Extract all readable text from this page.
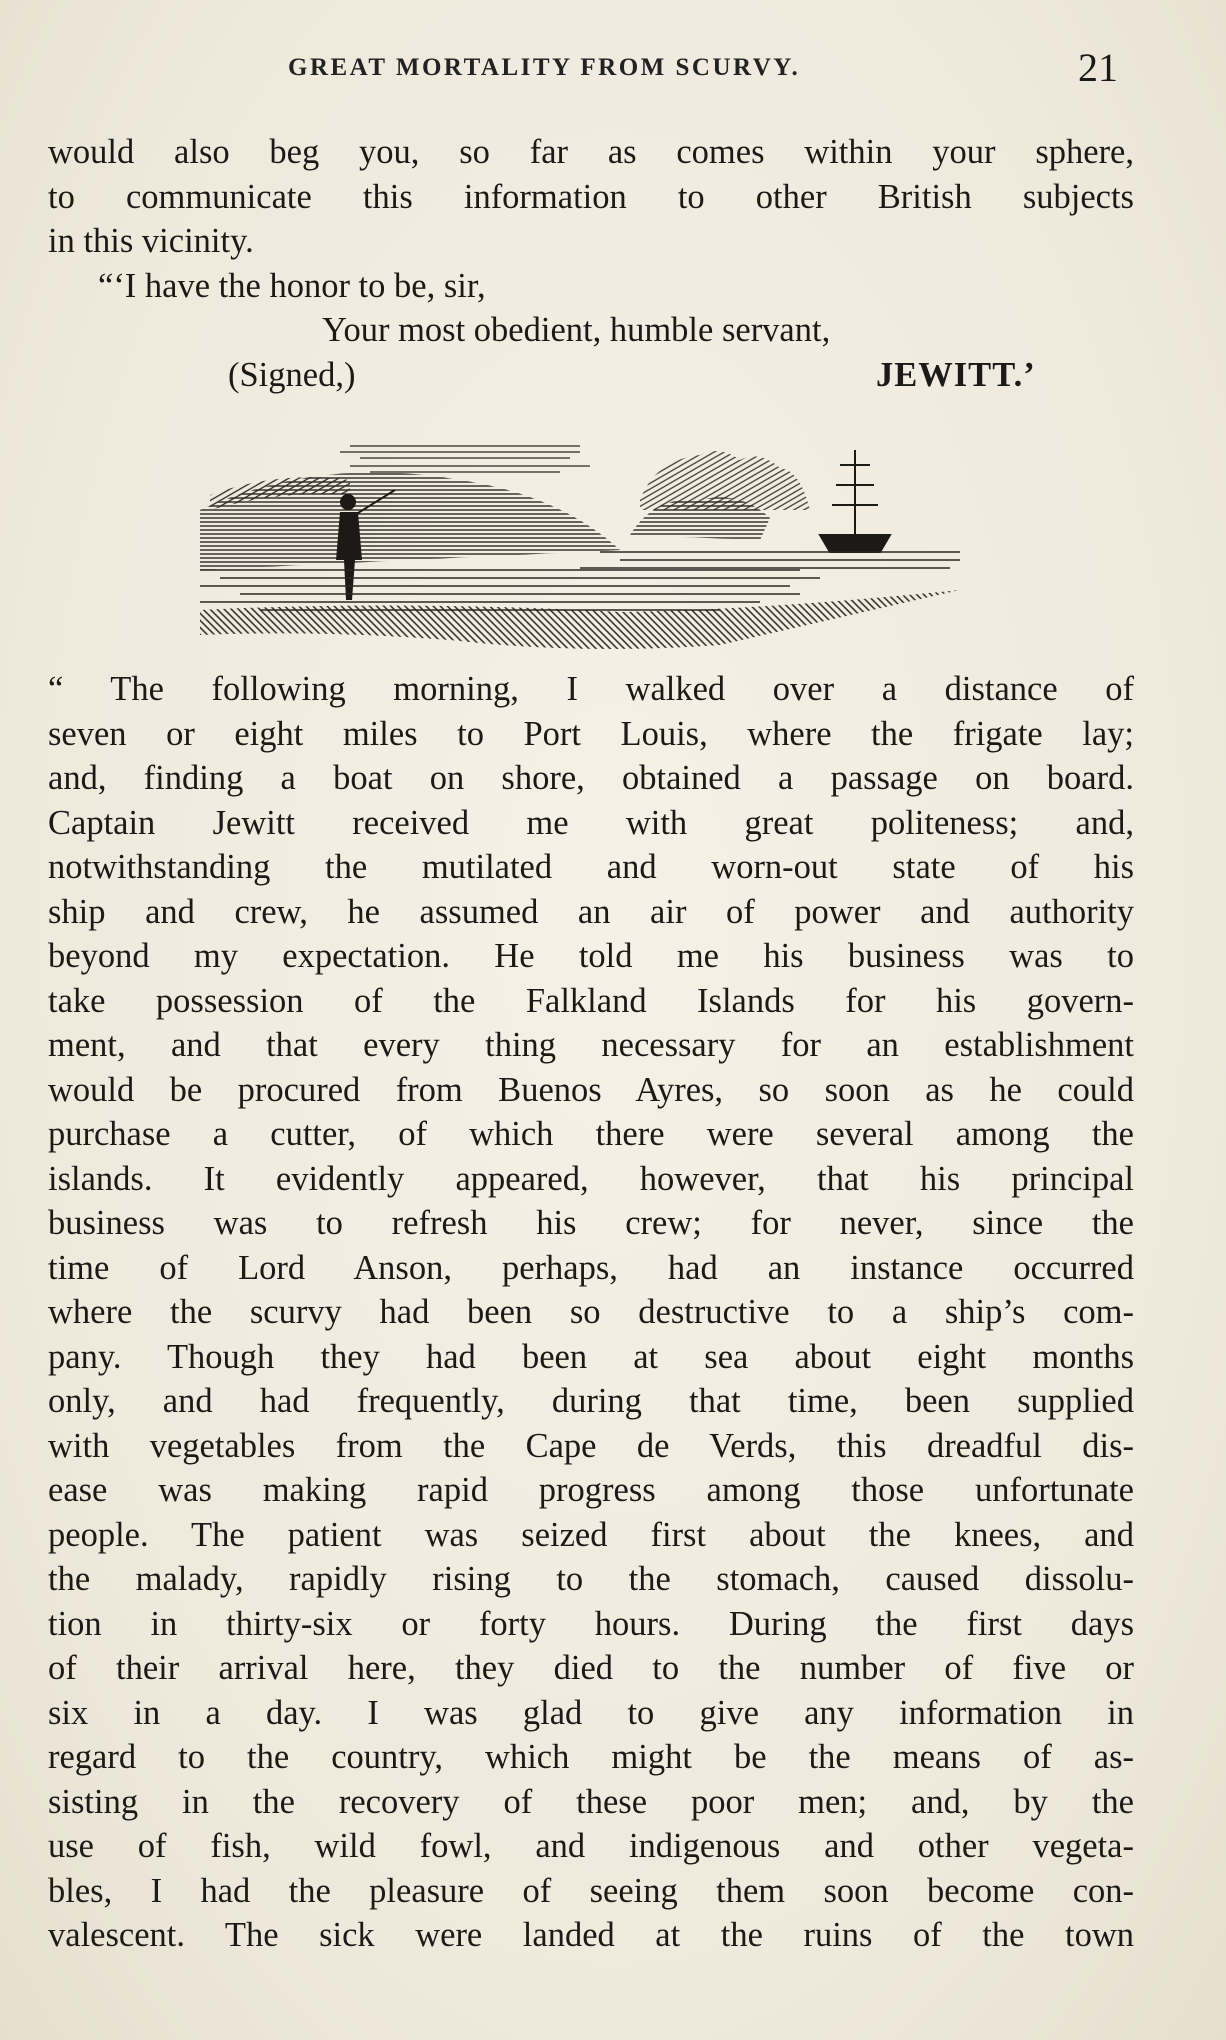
GREAT MORTALITY FROM SCURVY.	21
would also beg you, so far as comes within your sphere,
to communicate this information to other British subjects
in this vicinity.
“‘I have the honor to be, sir,
Your most obedient, humble servant,
(Signed,)	JEWITT.’
“ The following morning, I walked over a distance of
seven or eight miles to Port Louis, where the frigate lay;
and, finding a boat on shore, obtained a passage on board.
Captain Jewitt received me with great politeness; and,
notwithstanding the mutilated and worn-out state of his
ship and crew, he assumed an air of power and authority
beyond my expectation. He told me his business was to
take possession of the Falkland Islands for his govern-
ment, and that every thing necessary for an establishment
would be procured from Buenos Ayres, so soon as he could
purchase a cutter, of which there were several among the
islands. It evidently appeared, however, that his principal
business was to refresh his crew; for never, since the
time of Lord Anson, perhaps, had an instance occurred
where the scurvy had been so destructive to a ship’s com-
pany. Though they had been at sea about eight months
only, and had frequently, during that time, been supplied
with vegetables from the Cape de Verds, this dreadful dis-
ease was making rapid progress among those unfortunate
people. The patient was seized first about the knees, and
the malady, rapidly rising to the stomach, caused dissolu-
tion in thirty-six or forty hours. During the first days
of their arrival here, they died to the number of five or
six in a day. I was glad to give any information in
regard to the country, which might be the means of as-
sisting in the recovery of these poor men; and, by the
use of fish, wild fowl, and indigenous and other vegeta-
bles, I had the pleasure of seeing them soon become con-
valescent. The sick were landed at the ruins of the town
